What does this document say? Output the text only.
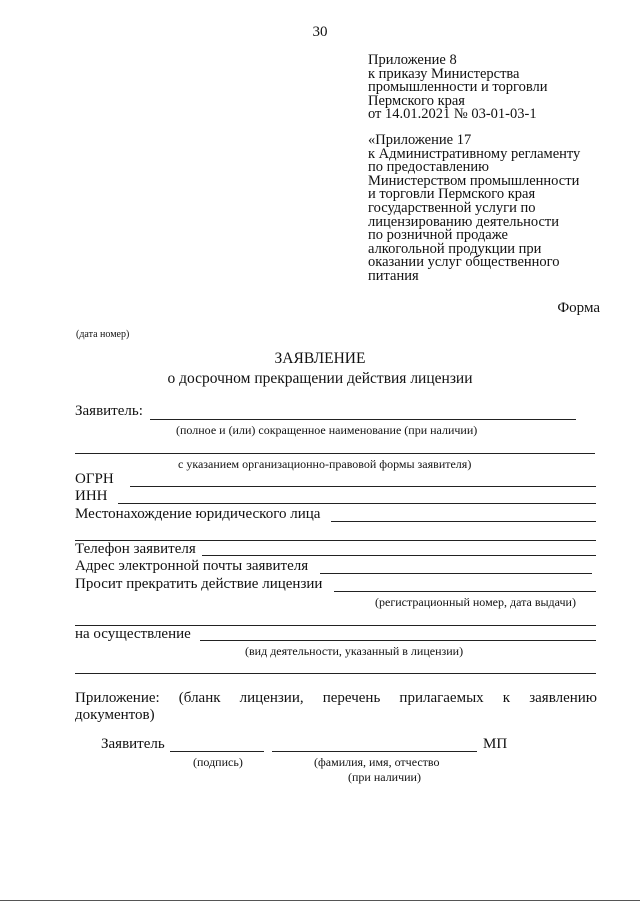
30
Приложение 8
к приказу Министерства
промышленности и торговли
Пермского края
от 14.01.2021 № 03-01-03-1
«Приложение 17
к Административному регламенту
по предоставлению
Министерством промышленности
и торговли Пермского края
государственной услуги по
лицензированию деятельности
по розничной продаже
алкогольной продукции при
оказании услуг общественного
питания
Форма
(дата номер)
ЗАЯВЛЕНИЕ
о досрочном прекращении действия лицензии
Заявитель:
(полное и (или) сокращенное наименование (при наличии)
с указанием организационно-правовой формы заявителя)
ОГРН
ИНН
Местонахождение юридического лица
Телефон заявителя
Адрес электронной почты заявителя
Просит прекратить действие лицензии
(регистрационный номер, дата выдачи)
на осуществление
(вид деятельности, указанный в лицензии)
Приложение: (бланк лицензии, перечень прилагаемых к заявлению
документов)
Заявитель	МП
(подпись)	(фамилия, имя, отчество
(при наличии)
